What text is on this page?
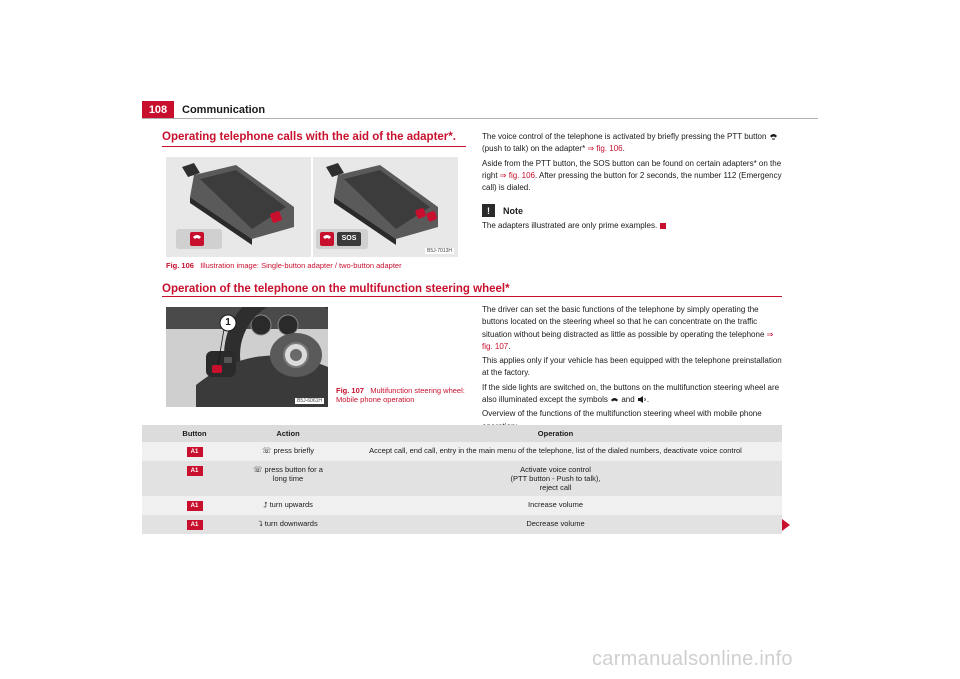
108	Communication
Operating telephone calls with the aid of the adapter*.
SOS
B5J-7013H
Fig. 106 Illustration image: Single-button adapter / two-button adapter

The voice control of the telephone is activated by briefly pressing the PTT button  (push to talk) on the adapter* ⇒ fig. 106.

Aside from the PTT button, the SOS button can be found on certain adapters* on the right ⇒ fig. 106. After pressing the button for 2 seconds, the number 112 (Emergency call) is dialed.

!	Note
The adapters illustrated are only prime examples.
Operation of the telephone on the multifunction steering wheel*
1
B5J-6061H
Fig. 107 Multifunction steering wheel: Mobile phone operation

The driver can set the basic functions of the telephone by simply operating the buttons located on the steering wheel so that he can concentrate on the traffic situation without being distracted as little as possible by operating the telephone ⇒ fig. 107.

This applies only if your vehicle has been equipped with the telephone preinstallation at the factory.

If the side lights are switched on, the buttons on the multifunction steering wheel are also illuminated except the symbols and .

Overview of the functions of the multifunction steering wheel with mobile phone

Button	Action	Operation
A1	☏ press briefly	Accept call, end call, entry in the main menu of the telephone, list of the dialed numbers, deactivate voice control
A1	☏ press button for a long time	Activate voice control
(PTT button - Push to talk),
reject call

A1	⮥ turn upwards	Increase volume
A1	⮧ turn downwards	Decrease volume
carmanualsonline.info
